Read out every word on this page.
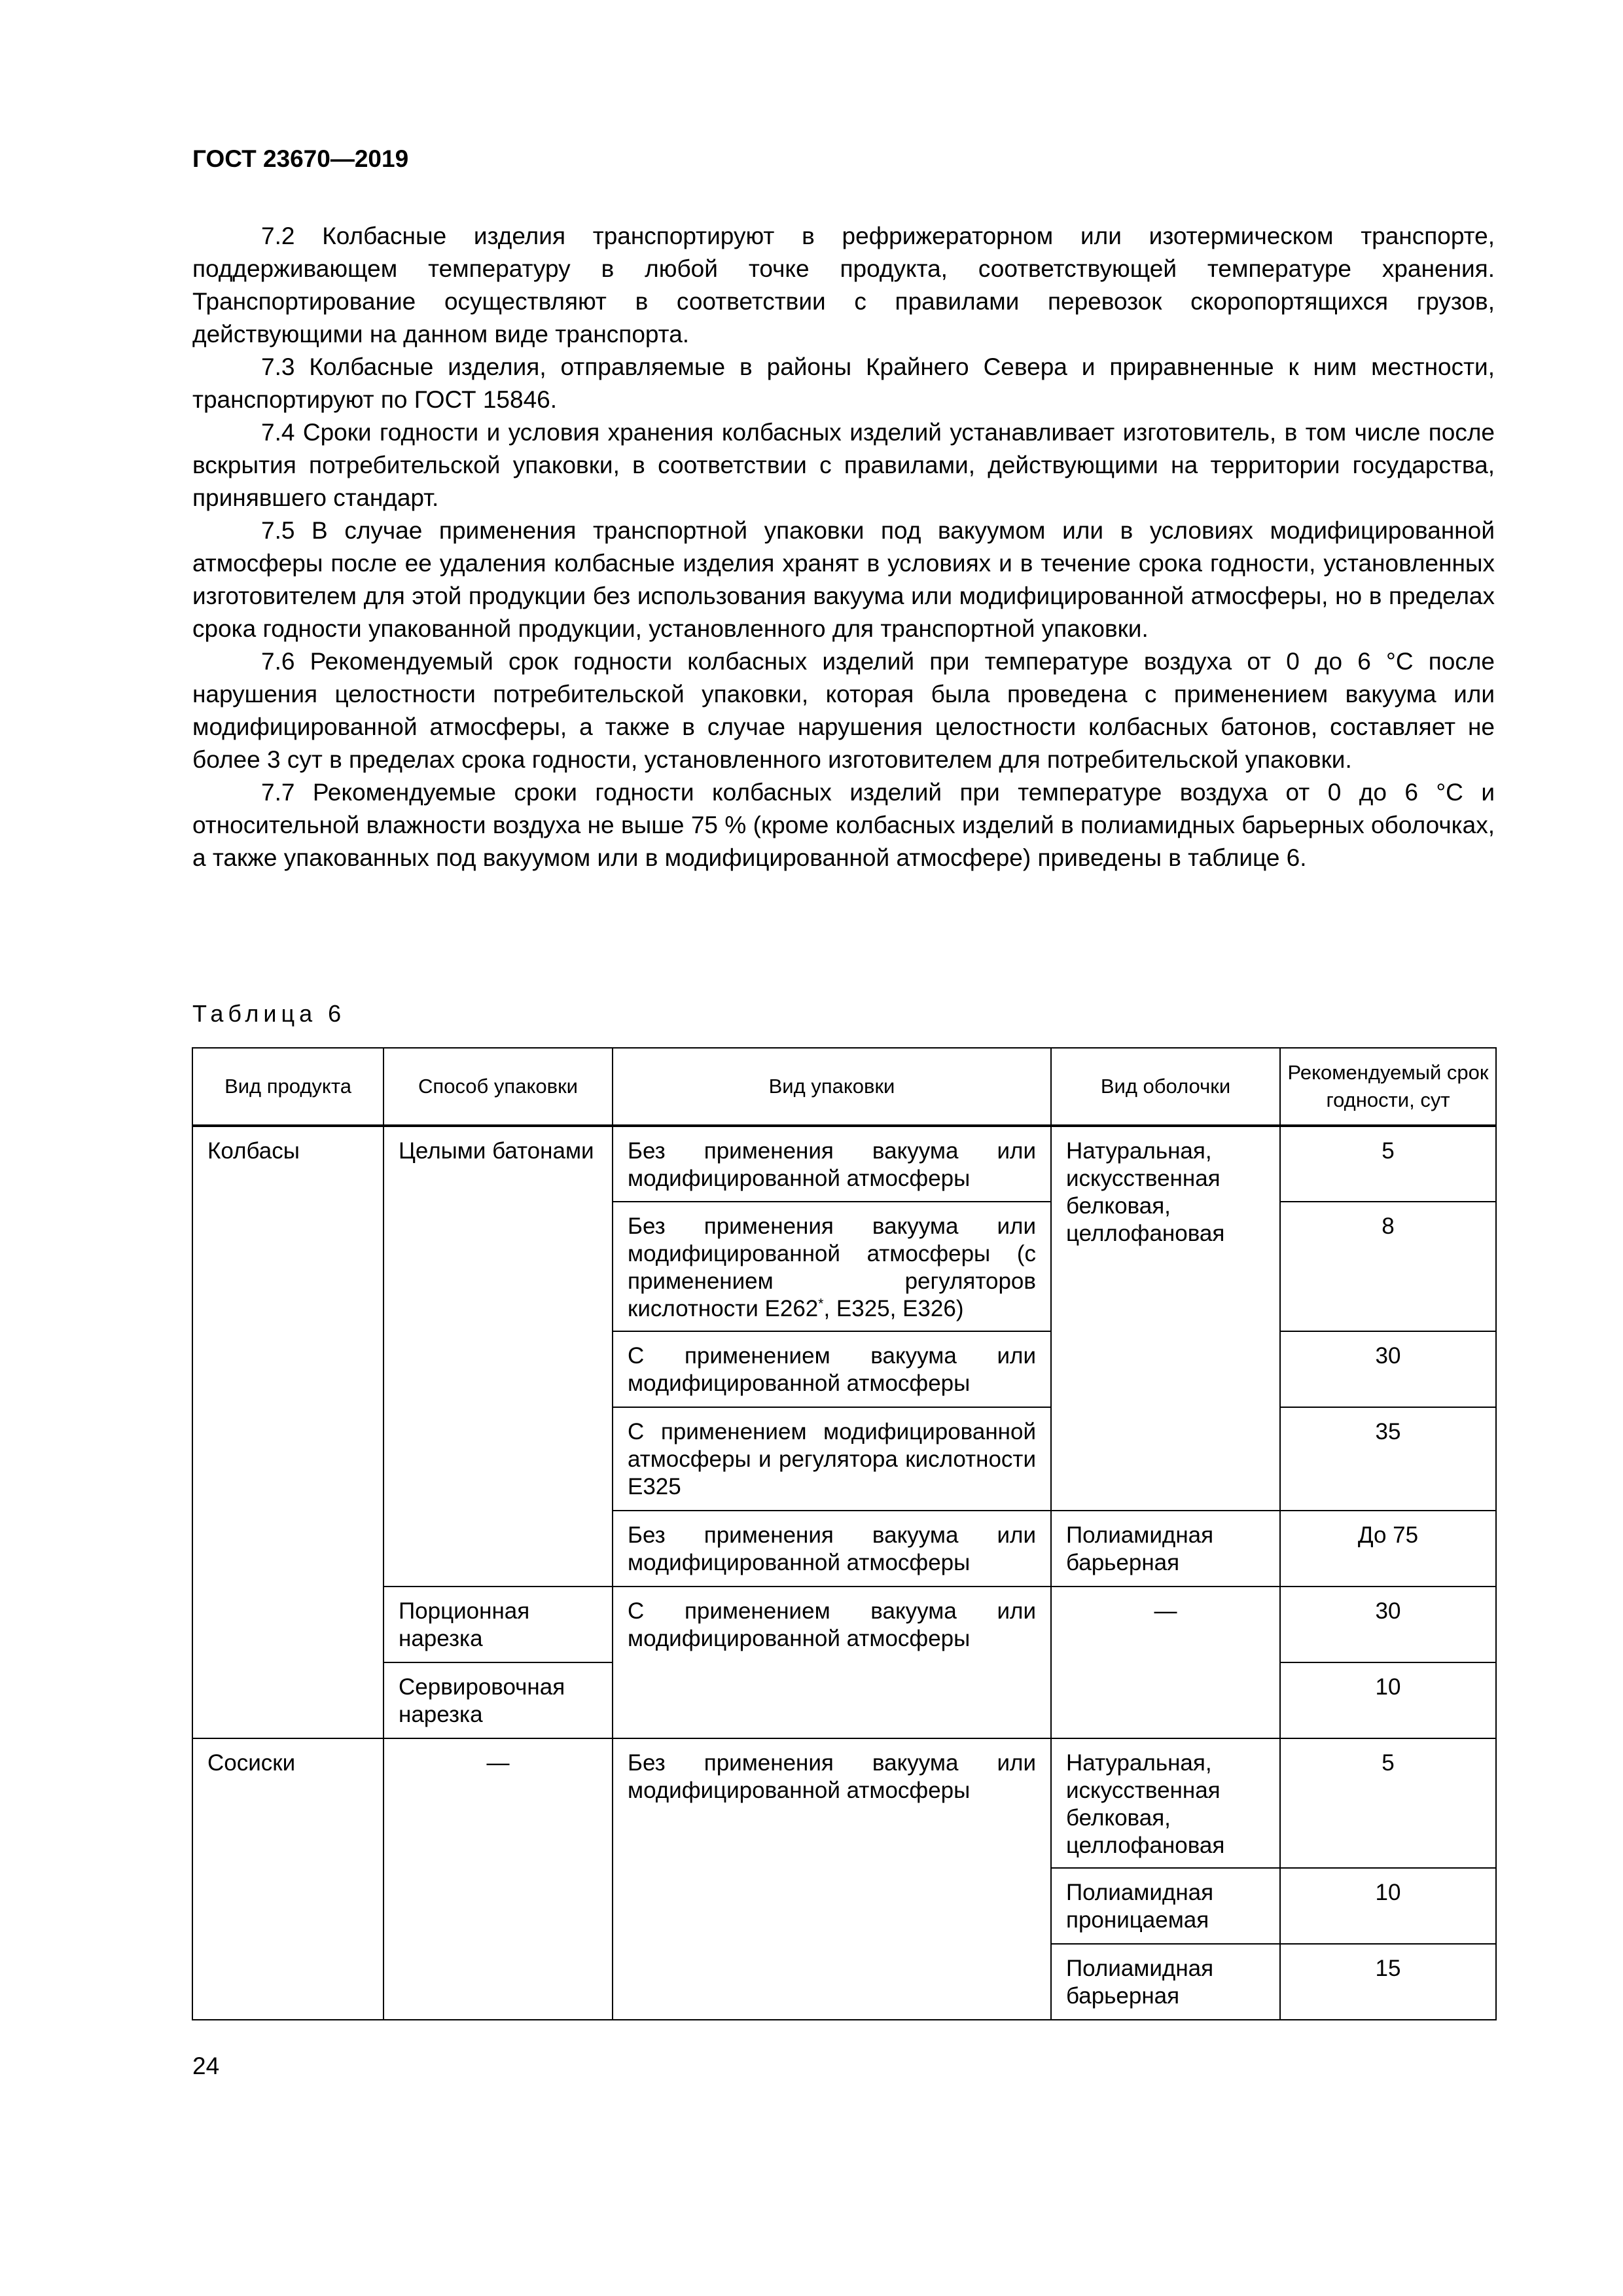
ГОСТ 23670—2019

7.2 Колбасные изделия транспортируют в рефрижераторном или изотермическом транспорте, поддерживающем температуру в любой точке продукта, соответствующей температуре хранения. Транспортирование осуществляют в соответствии с правилами перевозок скоропортящихся грузов, действующими на данном виде транспорта.

7.3 Колбасные изделия, отправляемые в районы Крайнего Севера и приравненные к ним местности, транспортируют по ГОСТ 15846.

7.4 Сроки годности и условия хранения колбасных изделий устанавливает изготовитель, в том числе после вскрытия потребительской упаковки, в соответствии с правилами, действующими на территории государства, принявшего стандарт.

7.5 В случае применения транспортной упаковки под вакуумом или в условиях модифицированной атмосферы после ее удаления колбасные изделия хранят в условиях и в течение срока годности, установленных изготовителем для этой продукции без использования вакуума или модифицированной атмосферы, но в пределах срока годности упакованной продукции, установленного для транспортной упаковки.

7.6 Рекомендуемый срок годности колбасных изделий при температуре воздуха от 0 до 6 °С после нарушения целостности потребительской упаковки, которая была проведена с применением вакуума или модифицированной атмосферы, а также в случае нарушения целостности колбасных батонов, составляет не более 3 сут в пределах срока годности, установленного изготовителем для потребительской упаковки.

7.7 Рекомендуемые сроки годности колбасных изделий при температуре воздуха от 0 до 6 °С и относительной влажности воздуха не выше 75 % (кроме колбасных изделий в полиамидных барьерных оболочках, а также упакованных под вакуумом или в модифицированной атмосфере) приведены в таблице 6.

Таблица 6
Вид продукта	Способ упаковки	Вид упаковки	Вид оболочки	Рекомендуемый срок годности, сут
Колбасы	Целыми батонами	Без применения вакуума или модифицированной атмосферы	Натуральная, искусственная белковая, целлофановая	5
		Без применения вакуума или модифицированной атмосферы (с применением регуляторов кислотности Е262*, Е325, Е326)		8
		С применением вакуума или модифицированной атмосферы		30
		С применением модифицированной атмосферы и регулятора кислотности Е325		35
		Без применения вакуума или модифицированной атмосферы	Полиамидная барьерная	До 75
	Порционная нарезка	С применением вакуума или модифицированной атмосферы	—	30
	Сервировочная нарезка			10
Сосиски	—	Без применения вакуума или модифицированной атмосферы	Натуральная, искусственная белковая, целлофановая	5
			Полиамидная проницаемая	10
			Полиамидная барьерная	15
24
